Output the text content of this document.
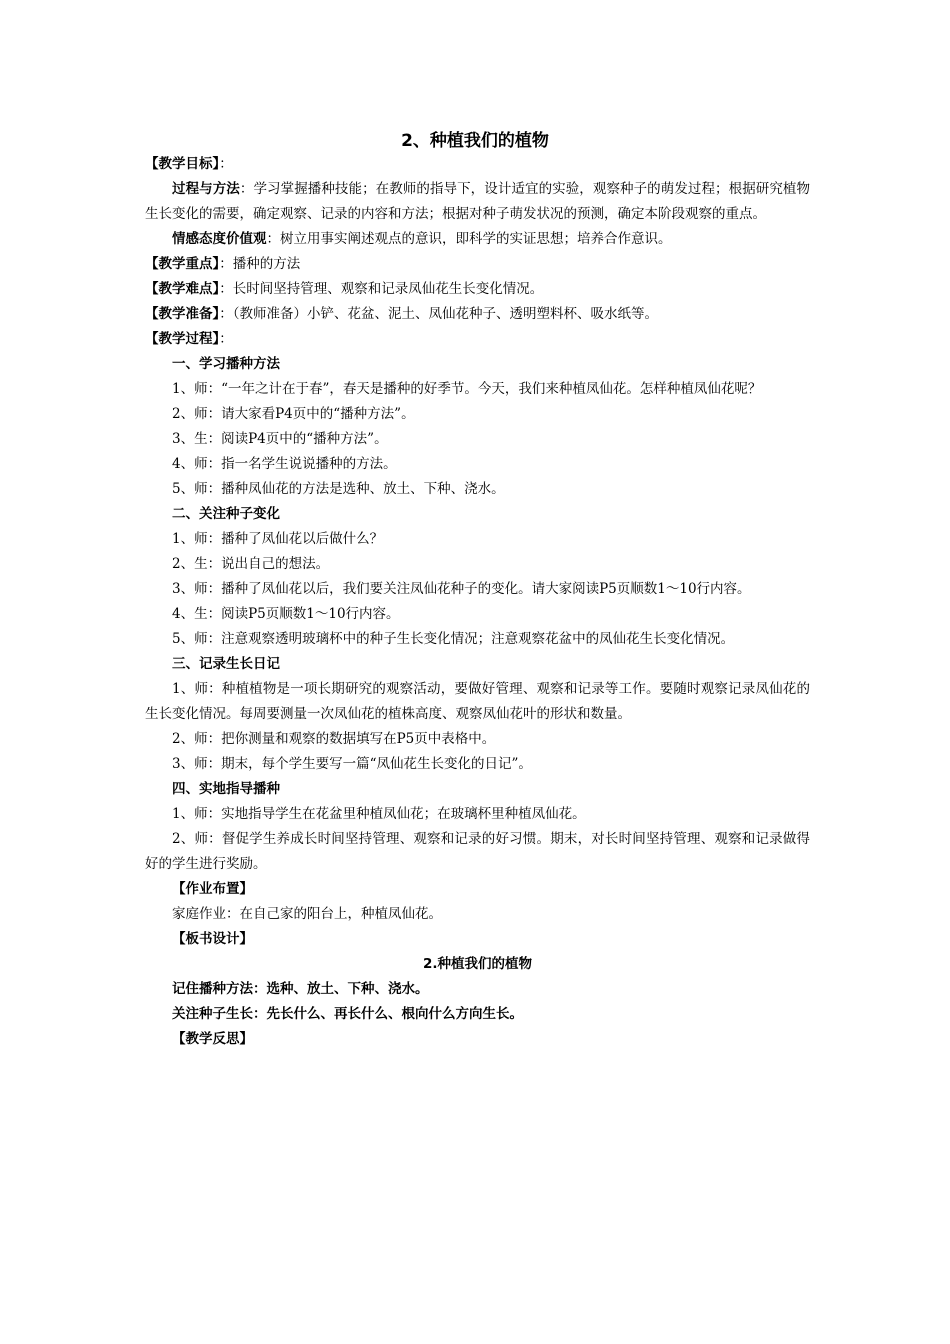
2、种植我们的植物

【教学目标】：

过程与方法：学习掌握播种技能；在教师的指导下，设计适宜的实验，观察种子的萌发过程；根据研究植物生长变化的需要，确定观察、记录的内容和方法；根据对种子萌发状况的预测，确定本阶段观察的重点。

情感态度价值观：树立用事实阐述观点的意识，即科学的实证思想；培养合作意识。

【教学重点】：播种的方法

【教学难点】：长时间坚持管理、观察和记录凤仙花生长变化情况。

【教学准备】：（教师准备）小铲、花盆、泥土、凤仙花种子、透明塑料杯、吸水纸等。

【教学过程】：

一、学习播种方法

1、师：“一年之计在于春”，春天是播种的好季节。今天，我们来种植凤仙花。怎样种植凤仙花呢？

2、师：请大家看P4页中的“播种方法”。

3、生：阅读P4页中的“播种方法”。

4、师：指一名学生说说播种的方法。

5、师：播种凤仙花的方法是选种、放土、下种、浇水。

二、关注种子变化

1、师：播种了凤仙花以后做什么？

2、生：说出自己的想法。

3、师：播种了凤仙花以后，我们要关注凤仙花种子的变化。请大家阅读P5页顺数1～10行内容。

4、生：阅读P5页顺数1～10行内容。

5、师：注意观察透明玻璃杯中的种子生长变化情况；注意观察花盆中的凤仙花生长变化情况。

三、记录生长日记

1、师：种植植物是一项长期研究的观察活动，要做好管理、观察和记录等工作。要随时观察记录凤仙花的生长变化情况。每周要测量一次凤仙花的植株高度、观察凤仙花叶的形状和数量。

2、师：把你测量和观察的数据填写在P5页中表格中。

3、师：期末，每个学生要写一篇“凤仙花生长变化的日记”。

四、实地指导播种

1、师：实地指导学生在花盆里种植凤仙花；在玻璃杯里种植凤仙花。

2、师：督促学生养成长时间坚持管理、观察和记录的好习惯。期末，对长时间坚持管理、观察和记录做得好的学生进行奖励。

【作业布置】

家庭作业：在自己家的阳台上，种植凤仙花。

【板书设计】

2.种植我们的植物

记住播种方法：选种、放土、下种、浇水。

关注种子生长：先长什么、再长什么、根向什么方向生长。

【教学反思】
